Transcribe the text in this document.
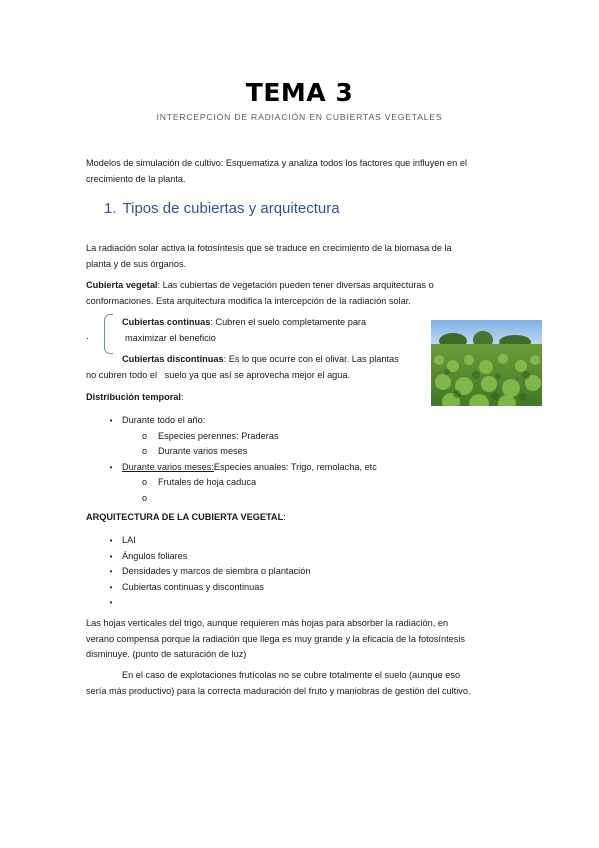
TEMA 3
INTERCEPCIÓN DE RADIACIÓN EN CUBIERTAS VEGETALES
Modelos de simulación de cultivo: Esquematiza y analiza todos los factores que influyen en el
crecimiento de la planta.
1. Tipos de cubiertas y arquitectura
La radiación solar activa la fotosíntesis que se traduce en crecimiento de la biomasa de la
planta y de sus órganos.
Cubierta vegetal: Las cubiertas de vegetación pueden tener diversas arquitecturas o
conformaciones. Esta arquitectura modifica la intercepción de la radiación solar.
.
Cubiertas continuas: Cubren el suelo completamente para
maximizar el beneficio
Cubiertas discontinuas: Es lo que ocurre con el olivar. Las plantas
no cubren todo el   suelo ya que así se aprovecha mejor el agua.
Distribución temporal:
•	Durante todo el año:
o Especies perennes: Praderas
o Durante varios meses
•	Durante varios meses:Especies anuales: Trigo, remolacha, etc
o Frutales de hoja caduca
o
ARQUITECTURA DE LA CUBIERTA VEGETAL:
•	LAI
•	Ángulos foliares
•	Densidades y marcos de siembra o plantación
•	Cubiertas continuas y discontinuas
•
Las hojas verticales del trigo, aunque requieren más hojas para absorber la radiación, en
verano compensa porque la radiación que llega es muy grande y la eficacia de la fotosíntesis
disminuye. (punto de saturación de luz)
En el caso de explotaciones frutícolas no se cubre totalmente el suelo (aunque eso
sería más productivo) para la correcta maduración del fruto y maniobras de gestión del cultivo.
